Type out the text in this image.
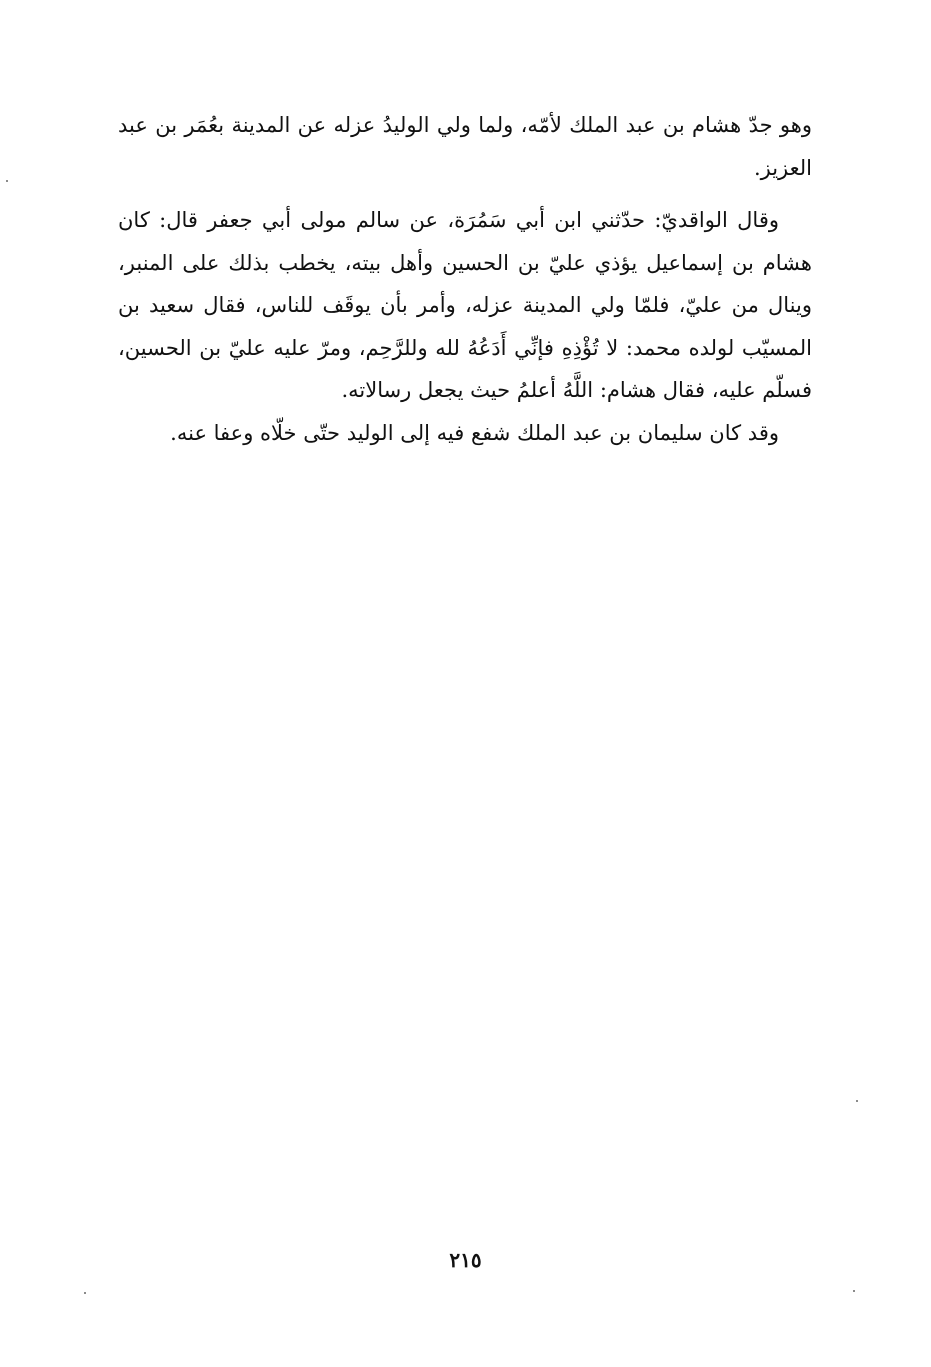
وهو جدّ هشام بن عبد الملك لأمّه، ولما ولي الوليدُ عزله عن المدينة بعُمَر بن عبد العزيز.

وقال الواقديّ: حدّثني ابن أبي سَمُرَة، عن سالم مولى أبي جعفر قال: كان هشام بن إسماعيل يؤذي عليّ بن الحسين وأهل بيته، يخطب بذلك على المنبر، وينال من عليّ، فلمّا ولي المدينة عزله، وأمر بأن يوقَف للناس، فقال سعيد بن المسيّب لولده محمد: لا تُؤْذِهِ فإنِّي أَدَعُهُ لله وللرَّحِم، ومرّ عليه عليّ بن الحسين، فسلّم عليه، فقال هشام: اللَّهُ أعلمُ حيث يجعل رسالاته.

وقد كان سليمان بن عبد الملك شفع فيه إلى الوليد حتّى خلّاه وعفا عنه.

٢١٥
